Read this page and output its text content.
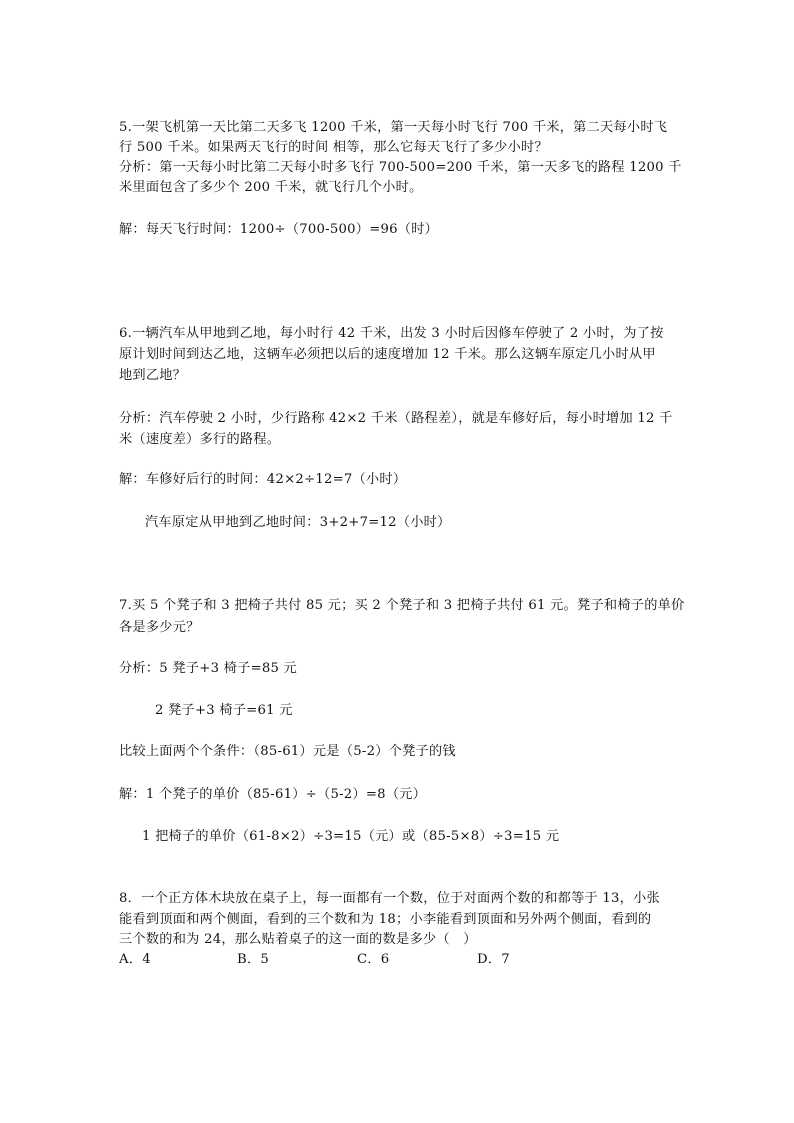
5.一架飞机第一天比第二天多飞 1200 千米，第一天每小时飞行 700 千米，第二天每小时飞
行 500 千米。如果两天飞行的时间 相等，那么它每天飞行了多少小时？
分析：第一天每小时比第二天每小时多飞行 700-500=200 千米，第一天多飞的路程 1200 千
米里面包含了多少个 200 千米，就飞行几个小时。
解：每天飞行时间：1200÷（700-500）=96（时）
6.一辆汽车从甲地到乙地，每小时行 42 千米，出发 3 小时后因修车停驶了 2 小时，为了按
原计划时间到达乙地，这辆车必须把以后的速度增加 12 千米。那么这辆车原定几小时从甲
地到乙地？
分析：汽车停驶 2 小时，少行路称 42×2 千米（路程差），就是车修好后，每小时增加 12 千
米（速度差）多行的路程。
解：车修好后行的时间：42×2÷12=7（小时）
汽车原定从甲地到乙地时间：3+2+7=12（小时）
7.买 5 个凳子和 3 把椅子共付 85 元；买 2 个凳子和 3 把椅子共付 61 元。凳子和椅子的单价
各是多少元？
分析：5 凳子+3 椅子=85 元
2 凳子+3 椅子=61 元
比较上面两个个条件：（85-61）元是（5-2）个凳子的钱
解：1 个凳子的单价（85-61）÷（5-2）=8（元）
1 把椅子的单价（61-8×2）÷3=15（元）或（85-5×8）÷3=15 元
8．一个正方体木块放在桌子上，每一面都有一个数，位于对面两个数的和都等于 13，小张
能看到顶面和两个侧面，看到的三个数和为 18；小李能看到顶面和另外两个侧面，看到的
三个数的和为 24，那么贴着桌子的这一面的数是多少（　）
A．4	B．5	C．6	D．7
